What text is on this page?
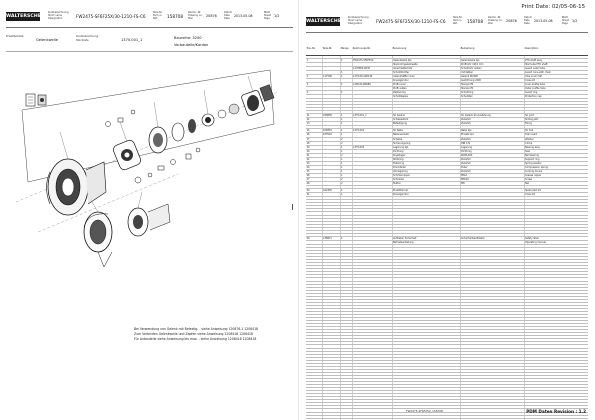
WALTERSCHEID
Kurzbezeichnung
Short name
Désignation	FW2475-SF6F25X/30-1210-FS-C6
Teile-Nr.
Part no.
Réf.	158708
Zeichn.-Nr.
Drawing no.
Plan
20876
Datum
Date
Date
2013-05-08
Blatt
Sheet
Page
1/2
Ersatzteilliste
Gelenkwelle
Kurzbezeichnung
Stückliste	1370.001_1	Baureihe: 3200
Vorbauteile/Kardan
Bei Verwendung von Gelenk mit Befestig. - siehe Anweisung 120876.1 1208418
Zum Verbinden Gelenkwelle und Zapfen siehe Anweisung 1208418 1208418
Für Anbauteile siehe Anweisung bis max. - siehe Anweisung 1208418 1208418
Print Date: 02/05-06-15
WALTERSCHEID
Kurzbezeichnung
Short name
Désignation	FW2475-SF6F25X/30-1210-FS-C6
Teile-Nr.
Part no.
Réf.	158708
Zeichn.-Nr.
Drawing no.
Plan
20876
Datum
Date
Date
2013-05-08
Blatt
Sheet
Page
1/2
Pos.-Nr.	Teile-Nr.	Menge	Zeichnungs-Nr.	Benennung	Bemerkung	Description

1		1	FW2475-SF6F25X	Gelenkwelle kpl.	Gelenkwelle kpl.	PTO shaft assy
				Sternrohrgelenkwelle	Profilrohr 1210 mm	Star tube PTO shaft
			1170850-0035	Verschleißschutz	Schutzrohr außen	Guard outer tube
		1		Schutztrichter	mit Ketten	Guard cone with chain
2	117590	1	1170.00-A00130	Gelenkhälfte innen	Gelenk W2400	Yoke inner half
				Kreuzgarnitur	Ausführung 2400	Cross kit
3		1	1180.01-B00B1	Profil innen	Sternprofil	Inner profile tube
				Profil außen	Sternprofil	Outer profile tube
4		1		Zapfenring	Schutzring	Guard ring
				Schutzkappe	Schutzteil	Protection cap

11	108895	1	1370.001_1	SC Gelenk	SC Gelenk SC-Ausführung	SC joint
12		1		Schiebestück	Zubehör	Sliding part
13		1		Befestigung	Zubehör	Fixing

15	106853	1	1370.002	SC Nabe	Nabe kpl.	SC hub
16	103522	1		Nabeneinsatz	Einsatz kpl.	Hub insert
17		2		Scheibe	Zubehör	Washer
18		2		Sicherungsring	DIN 471	Circlip
19		1	1370.003	Lagerung kpl.	Lagerung	Bearing assy
20		1		Dichtung	Dichtring	Seal
21		2		Kugellager	6008-2RS	Ball bearing
22		1		Stützring	Zubehör	Support ring
23		1		Federring	Zubehör	Spring washer
24		1		Druckfeder	Feder	Compression spring
25		1		Verriegelung	Zubehör	Locking device
26		1		Schmiernippel	M8x1	Grease nipple
27		2		Schraube	M8x20	Screw
28		2		Mutter	M8	Nut

30	102455	1		Ersatzteil kpl.		Spare part kit
31		1		Kreuzgarnitur		Cross kit

50	138871	1		Aufkleber Sicherheit	Sicherheitsaufkleber	Safety label
				Betriebsanleitung		Operating manual

FW2475-SF6F25X_158708	PDM Daten Revision : 1.2
